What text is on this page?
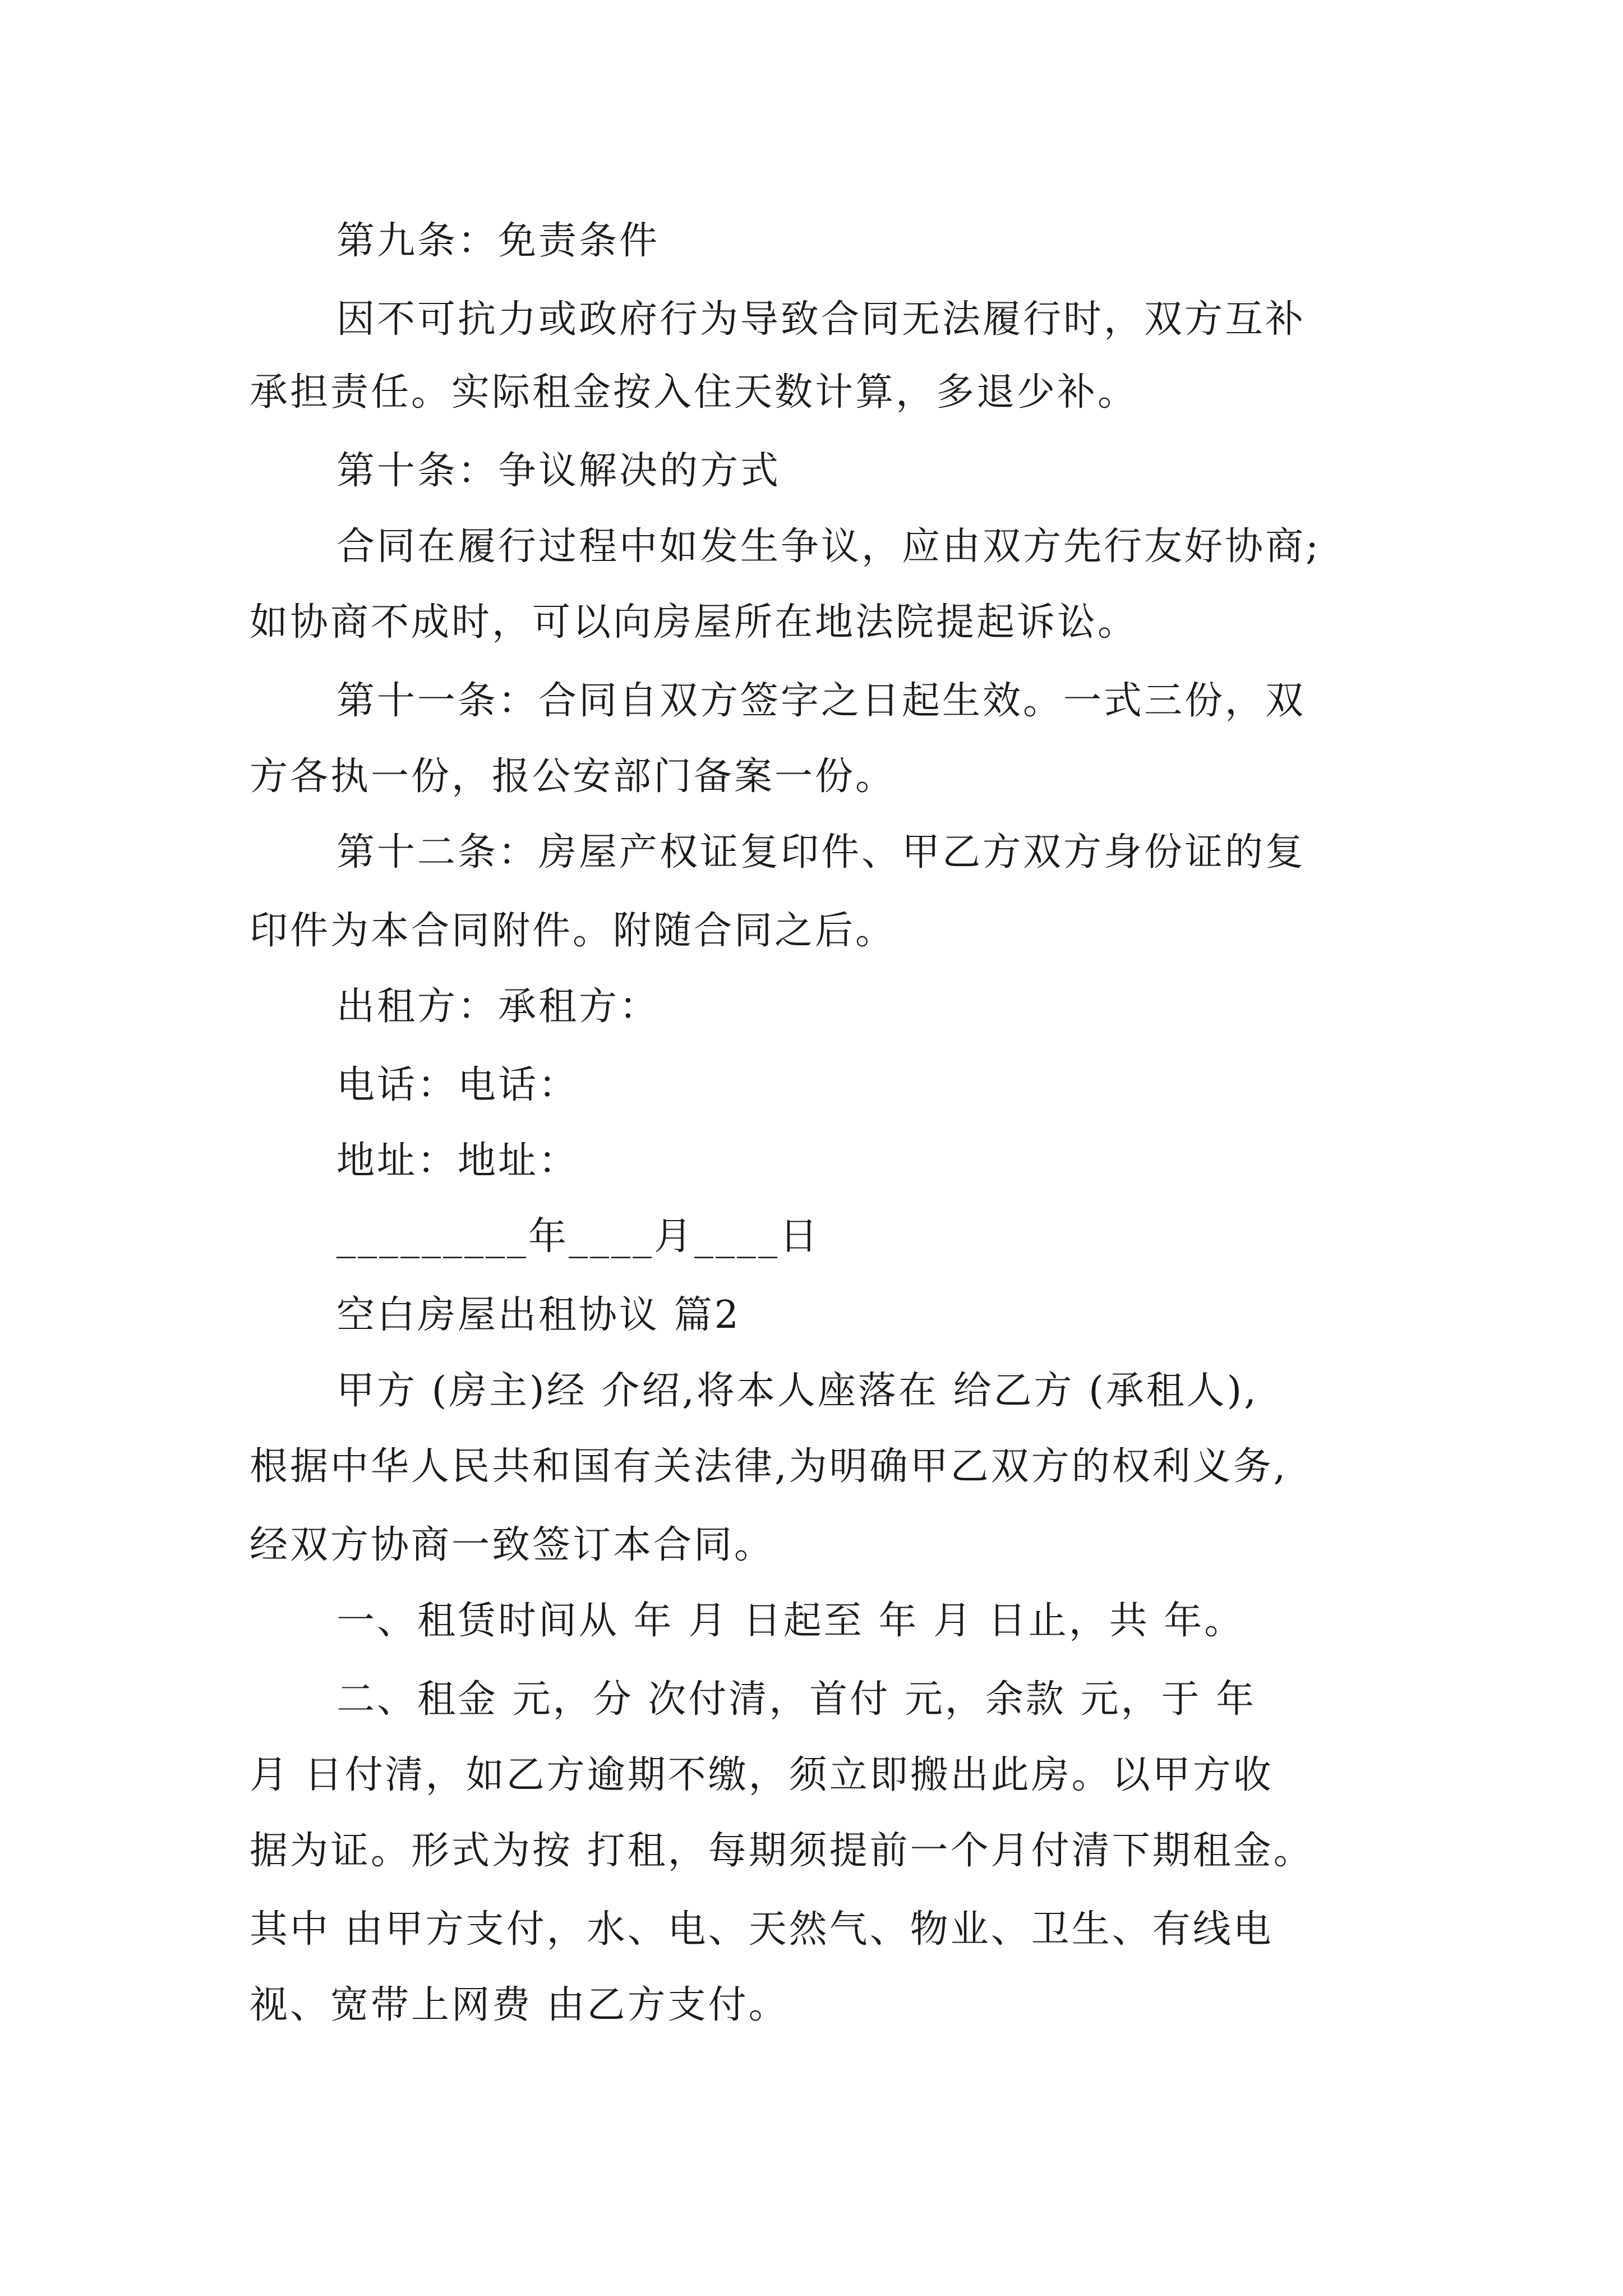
第九条：免责条件
因不可抗力或政府行为导致合同无法履行时，双方互补
承担责任。实际租金按入住天数计算，多退少补。
第十条：争议解决的方式
合同在履行过程中如发生争议，应由双方先行友好协商;
如协商不成时，可以向房屋所在地法院提起诉讼。
第十一条：合同自双方签字之日起生效。一式三份，双
方各执一份，报公安部门备案一份。
第十二条：房屋产权证复印件、甲乙方双方身份证的复
印件为本合同附件。附随合同之后。
出租方：承租方：
电话：电话：
地址：地址：
_________年____月____日
空白房屋出租协议 篇2
甲方 (房主)经 介绍,将本人座落在 给乙方 (承租人),
根据中华人民共和国有关法律,为明确甲乙双方的权利义务,
经双方协商一致签订本合同。
一、租赁时间从 年 月 日起至 年 月 日止，共 年。
二、租金 元，分 次付清，首付 元，余款 元，于 年
月 日付清，如乙方逾期不缴，须立即搬出此房。以甲方收
据为证。形式为按 打租，每期须提前一个月付清下期租金。
其中 由甲方支付，水、电、天然气、物业、卫生、有线电
视、宽带上网费 由乙方支付。
